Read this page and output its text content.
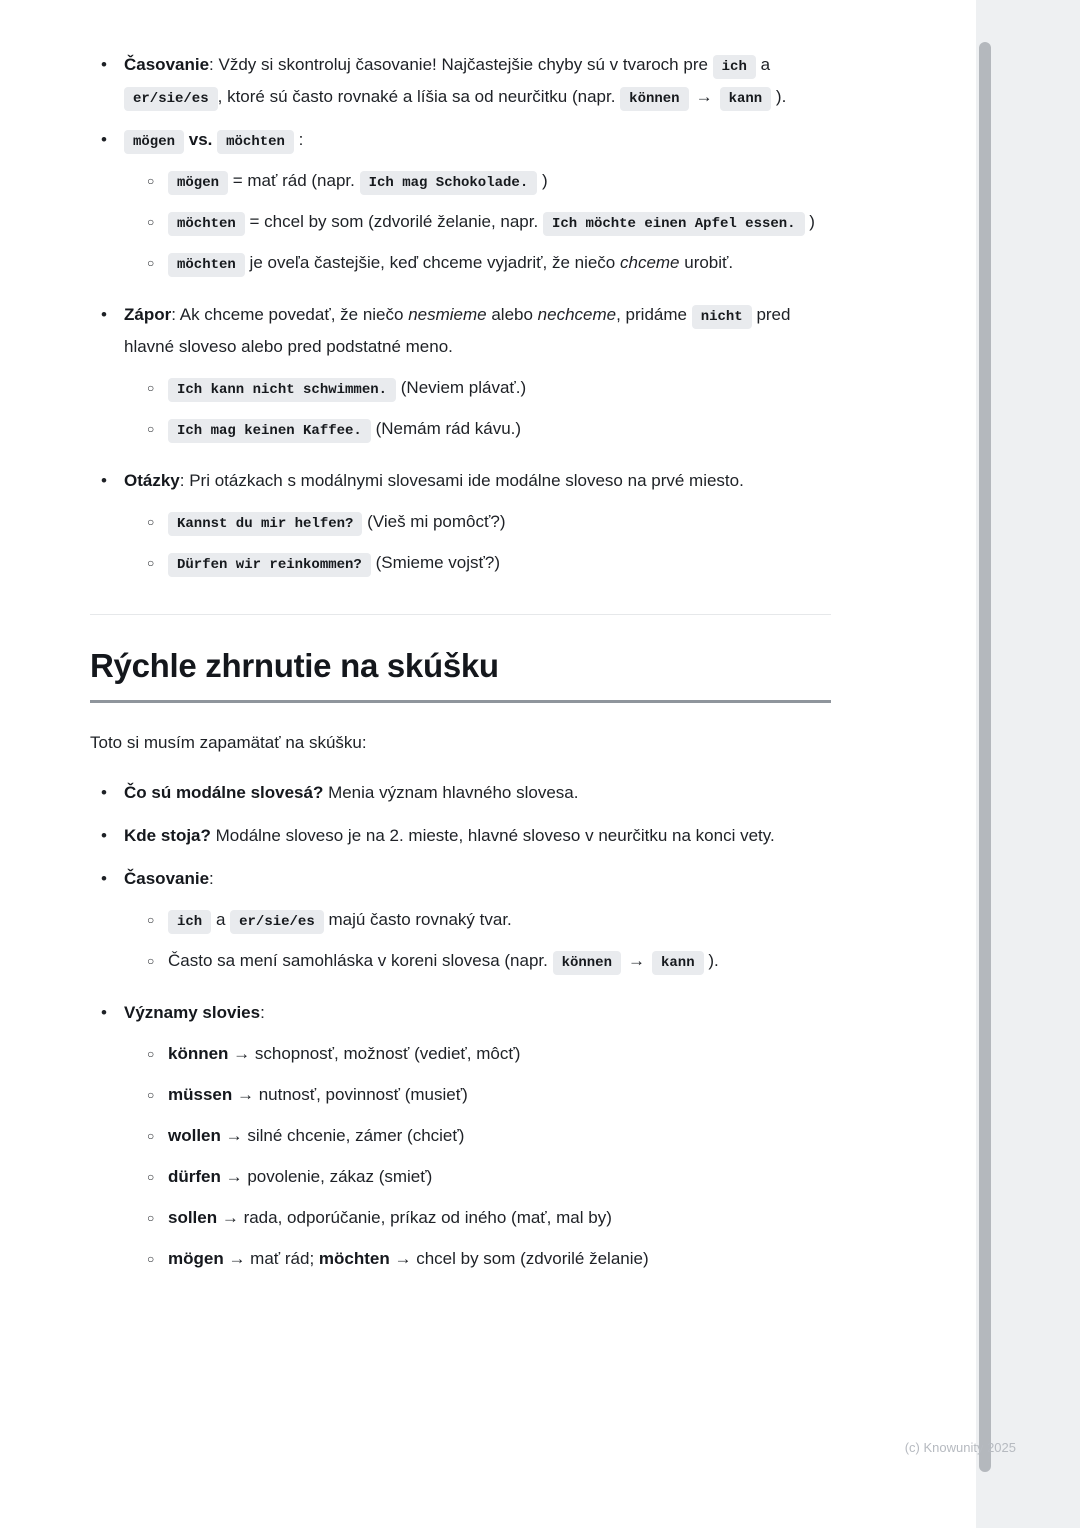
•	Časovanie: Vždy si skontroluj časovanie! Najčastejšie chyby sú v tvaroch pre ich a er/sie/es , ktoré sú často rovnaké a líšia sa od neurčitku (napr. können → kann ).
•	mögen vs. möchten :
○	mögen = mať rád (napr. Ich mag Schokolade. )
○	möchten = chcel by som (zdvorilé želanie, napr. Ich möchte einen Apfel essen. )
○	möchten je oveľa častejšie, keď chceme vyjadriť, že niečo chceme urobiť.
•	Zápor: Ak chceme povedať, že niečo nesmieme alebo nechceme, pridáme nicht pred hlavné sloveso alebo pred podstatné meno.
○	Ich kann nicht schwimmen. (Neviem plávať.)
○	Ich mag keinen Kaffee. (Nemám rád kávu.)
•	Otázky: Pri otázkach s modálnymi slovesami ide modálne sloveso na prvé miesto.
○	Kannst du mir helfen? (Vieš mi pomôcť?)
○	Dürfen wir reinkommen? (Smieme vojsť?)
Rýchle zhrnutie na skúšku

Toto si musím zapamätať na skúšku:

•	Čo sú modálne slovesá? Menia význam hlavného slovesa.
•	Kde stoja? Modálne sloveso je na 2. mieste, hlavné sloveso v neurčitku na konci vety.
•	Časovanie:
○	ich a er/sie/es majú často rovnaký tvar.
○ Často sa mení samohláska v koreni slovesa (napr. können → kann ).
•	Významy slovies:
○ können → schopnosť, možnosť (vedieť, môcť)
○ müssen → nutnosť, povinnosť (musieť)
○ wollen → silné chcenie, zámer (chcieť)
○ dürfen → povolenie, zákaz (smieť)
○ sollen → rada, odporúčanie, príkaz od iného (mať, mal by)
○ mögen → mať rád; möchten → chcel by som (zdvorilé želanie)
(c) Knowunity 2025
